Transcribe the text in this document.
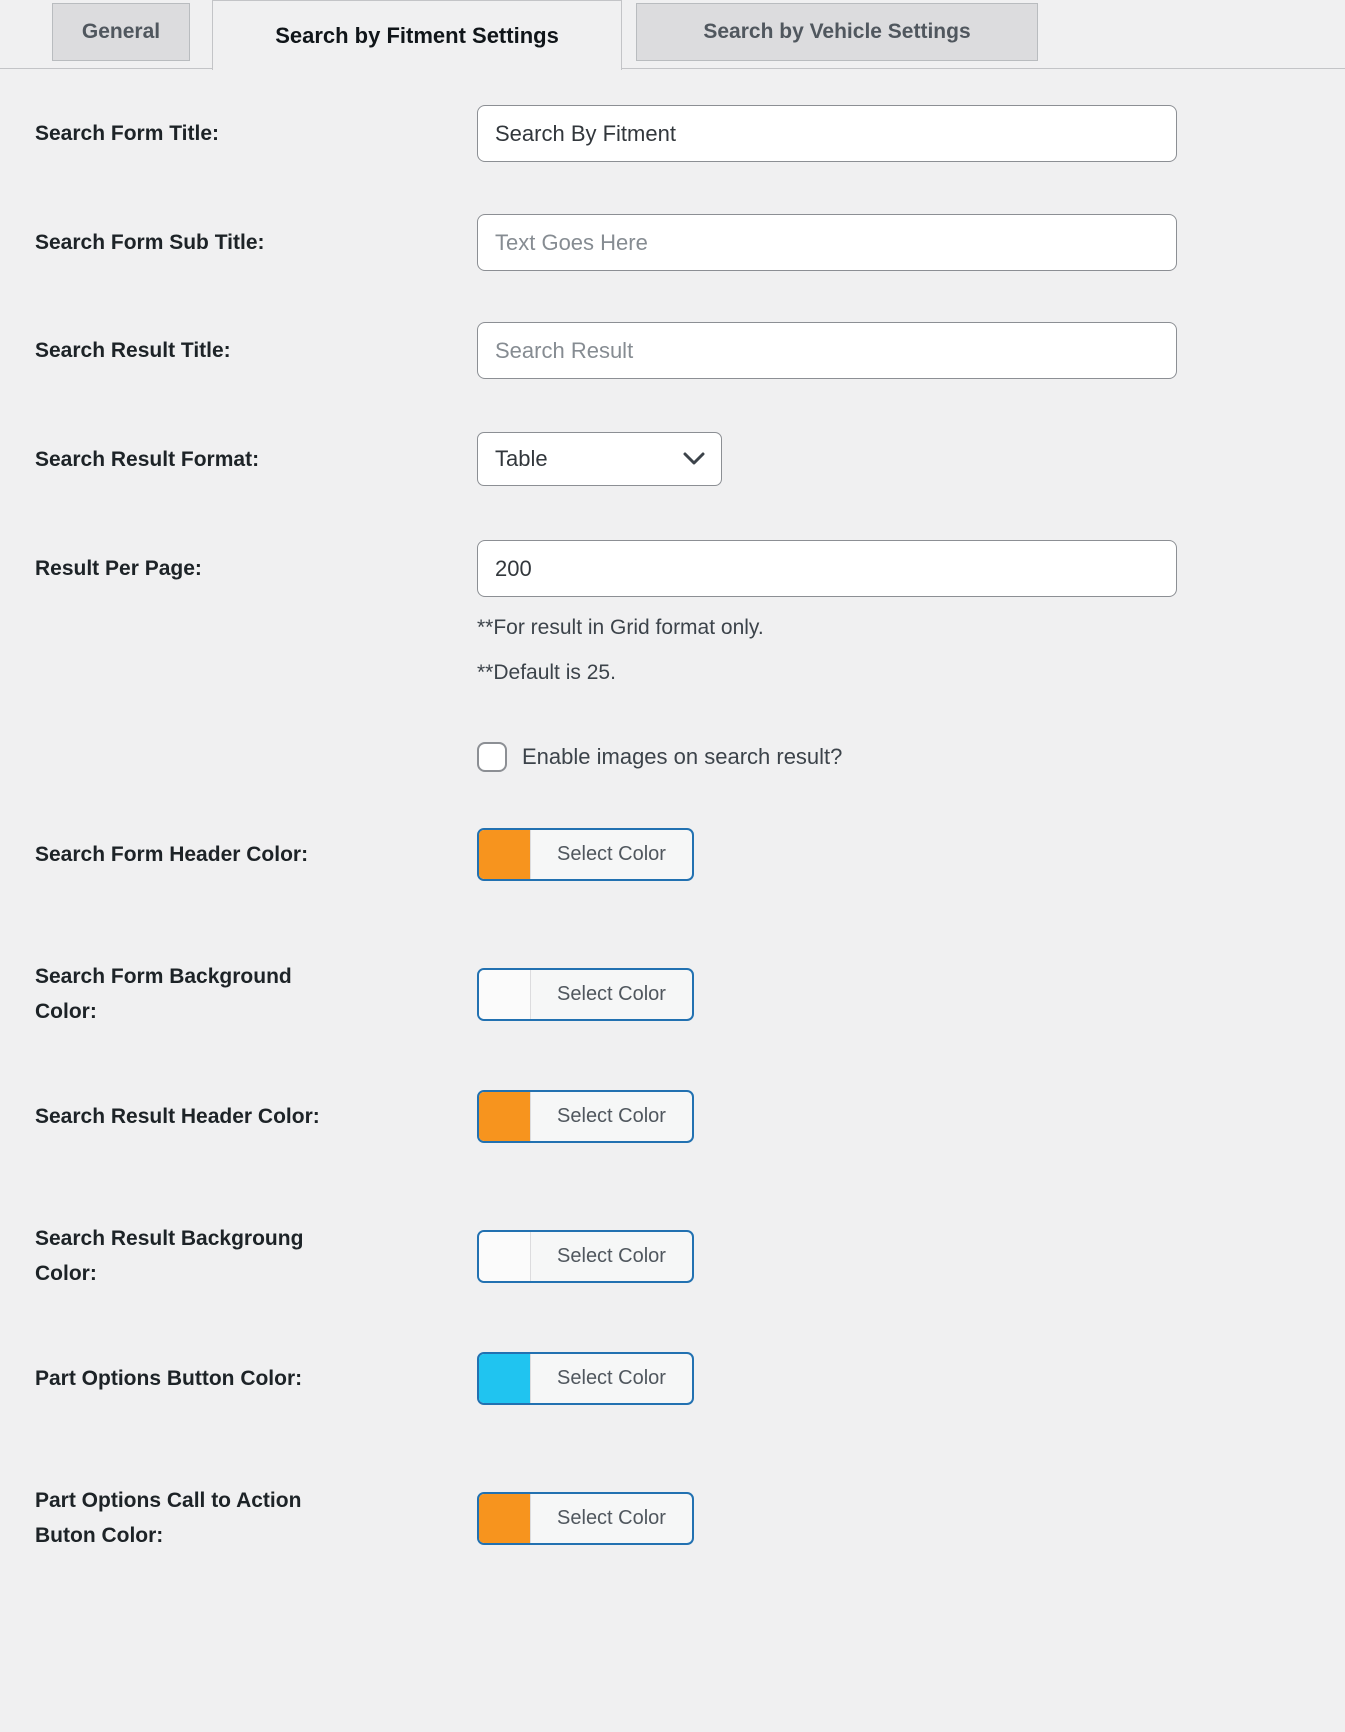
General	Search by Fitment Settings	Search by Vehicle Settings
Search Form Title:
Search By Fitment
Search Form Sub Title:
Text Goes Here
Search Result Title:
Search Result
Search Result Format:	Table
Result Per Page:
200

**For result in Grid format only.

**Default is 25.

Enable images on search result?
Search Form Header Color:	Select Color
Search Form Background Color:
Select Color
Search Result Header Color:	Select Color
Search Result Backgroung Color:
Select Color
Part Options Button Color:	Select Color
Part Options Call to Action Buton Color:
Select Color
